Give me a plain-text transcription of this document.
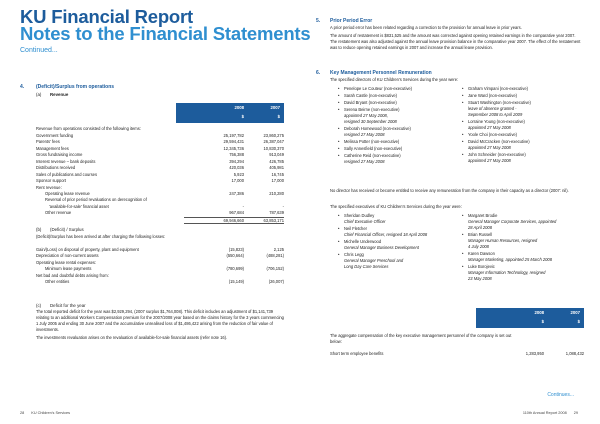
KU Financial Report
Notes to the Financial Statements
Continued...
4. (Deficit)/Surplus from operations
(a) Revenue
2008	2007
$	$
Revenue from operations consisted of the following items:
Government funding	25,197,782	23,860,275
Parents' fees	29,594,431	26,387,047
Management fees	12,345,736	10,830,370
Gross fundraising income	756,388	913,049
Interest revenue – bank deposits	394,294	426,785
Distributions received	420,036	405,981
Sales of publications and courses	5,923	16,745
Sponsor support	17,000	17,000
Rent revenue:
Operating lease revenue	247,386	210,280
Reversal of prior period revaluations on derecognition of
'available-for-sale' financial asset	-	-
Other revenue	967,684	787,639
69,946,660	63,853,171
(b) (Deficit) / Surplus
(Deficit)/Surplus has been arrived at after charging the following losses:
Gain/(Loss) on disposal of property, plant and equipment	(15,823)	2,125
Depreciation of non-current assets	(550,664)	(488,281)
Operating lease rental expenses:
Minimum lease payments	(780,699)	(706,152)
Net bad and doubtful debts arising from:
Other entities	(15,149)	(26,007)
(c) Deficit for the year
The total reported deficit for the year was $2,929,294, (2007 surplus $1,764,008). This deficit includes an adjustment of $1,141,739 relating to an additional Workers Compensation premium for the 2007/2008 year based on the claims history for the 3 years commencing 1 July 2005 and ending 30 June 2007 and the accumulative unrealised loss of $1,486,422 arising from the reduction of fair value of investments.
The investments revaluation arises on the revaluation of available-for-sale financial assets (refer note 16).
5. Prior Period Error
A prior period error has been related regarding a correction to the provision for annual leave in prior years.
The amount of restatement is $831,525 and the amount was corrected against opening retained earnings in the comparative year 2007. The restatement was also adjusted against the annual leave provision balance in the comparative year 2007. The effect of the restatement was to reduce opening retained earnings in 2007 and increase the annual leave provision.
6. Key Management Personnel Remuneration
The specified directors of KU Children's Services during the year were:
• Penelope Le Couteur (non-executive)
• Sarah Castle (non-executive)
• David Bryant (non-executive)
• Serena Beirne (non-executive)
appointed 27 May 2008,
resigned 30 September 2008
• Deborah Homewood (non-executive)
resigned 27 May 2008
• Melissa Potter (non-executive)
• Sally Annesfield (non-executive)
• Catherine Reid (non-executive)
resigned 27 May 2008
• Graham Vimpani (non-executive)
• Jane Ward (non-executive)
• Stuart Washington (non-executive)
leave of absence granted -
September 2008 to April 2009
• Lorraine Young (non-executive)
appointed 27 May 2008
• Yoole Choi (non-executive)
• David McCracken (non-executive)
appointed 27 May 2008
• John Schneider (non-executive)
appointed 27 May 2008
No director has received or become entitled to receive any remuneration from the company in their capacity as a director (2007: nil).
The specified executives of KU Children's Services during the year were:
• Sheridan Dudley
Chief Executive Officer
• Neil Fletcher
Chief Financial Officer, resigned 18 April 2008
• Michelle Underwood
General Manager Business Development
• Chris Legg
General Manager Preschool and
Long Day Care Services
• Margaret Brodie
General Manager Corporate Services, appointed
28 April 2008
• Brian Russell
Manager Human Resources, resigned
4 July 2008
• Karen Dawson
Manager Marketing, appointed 25 March 2008
• Luke Borojevic
Manager Information Technology, resigned
23 May 2008
2008	2007
$	$
The aggregate compensation of the key executive management personnel of the company is set out below:
Short term employee benefits	1,283,950	1,088,432
Continues...
28 KU Children's Services	110th Annual Report 2008 29
